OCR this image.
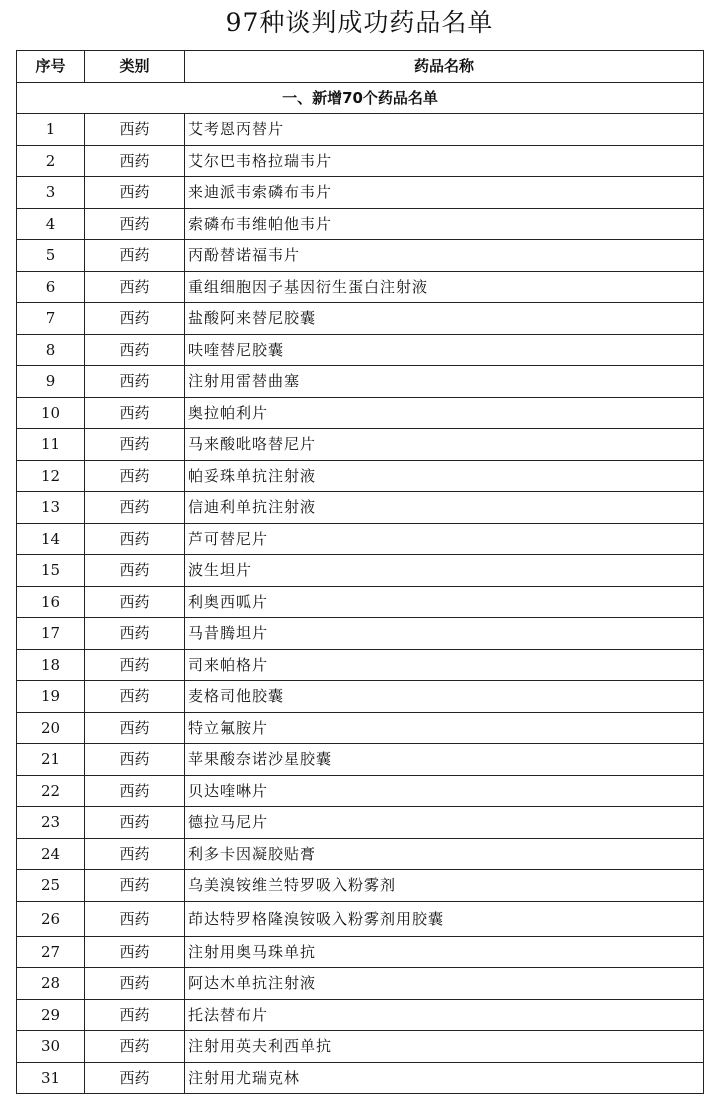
97种谈判成功药品名单
序号	类别	药品名称
一、新增70个药品名单		
1	西药	艾考恩丙替片
2	西药	艾尔巴韦格拉瑞韦片
3	西药	来迪派韦索磷布韦片
4	西药	索磷布韦维帕他韦片
5	西药	丙酚替诺福韦片
6	西药	重组细胞因子基因衍生蛋白注射液
7	西药	盐酸阿来替尼胶囊
8	西药	呋喹替尼胶囊
9	西药	注射用雷替曲塞
10	西药	奥拉帕利片
11	西药	马来酸吡咯替尼片
12	西药	帕妥珠单抗注射液
13	西药	信迪利单抗注射液
14	西药	芦可替尼片
15	西药	波生坦片
16	西药	利奥西呱片
17	西药	马昔腾坦片
18	西药	司来帕格片
19	西药	麦格司他胶囊
20	西药	特立氟胺片
21	西药	苹果酸奈诺沙星胶囊
22	西药	贝达喹啉片
23	西药	德拉马尼片
24	西药	利多卡因凝胶贴膏
25	西药	乌美溴铵维兰特罗吸入粉雾剂
26	西药	茚达特罗格隆溴铵吸入粉雾剂用胶囊
27	西药	注射用奥马珠单抗
28	西药	阿达木单抗注射液
29	西药	托法替布片
30	西药	注射用英夫利西单抗
31	西药	注射用尤瑞克林
